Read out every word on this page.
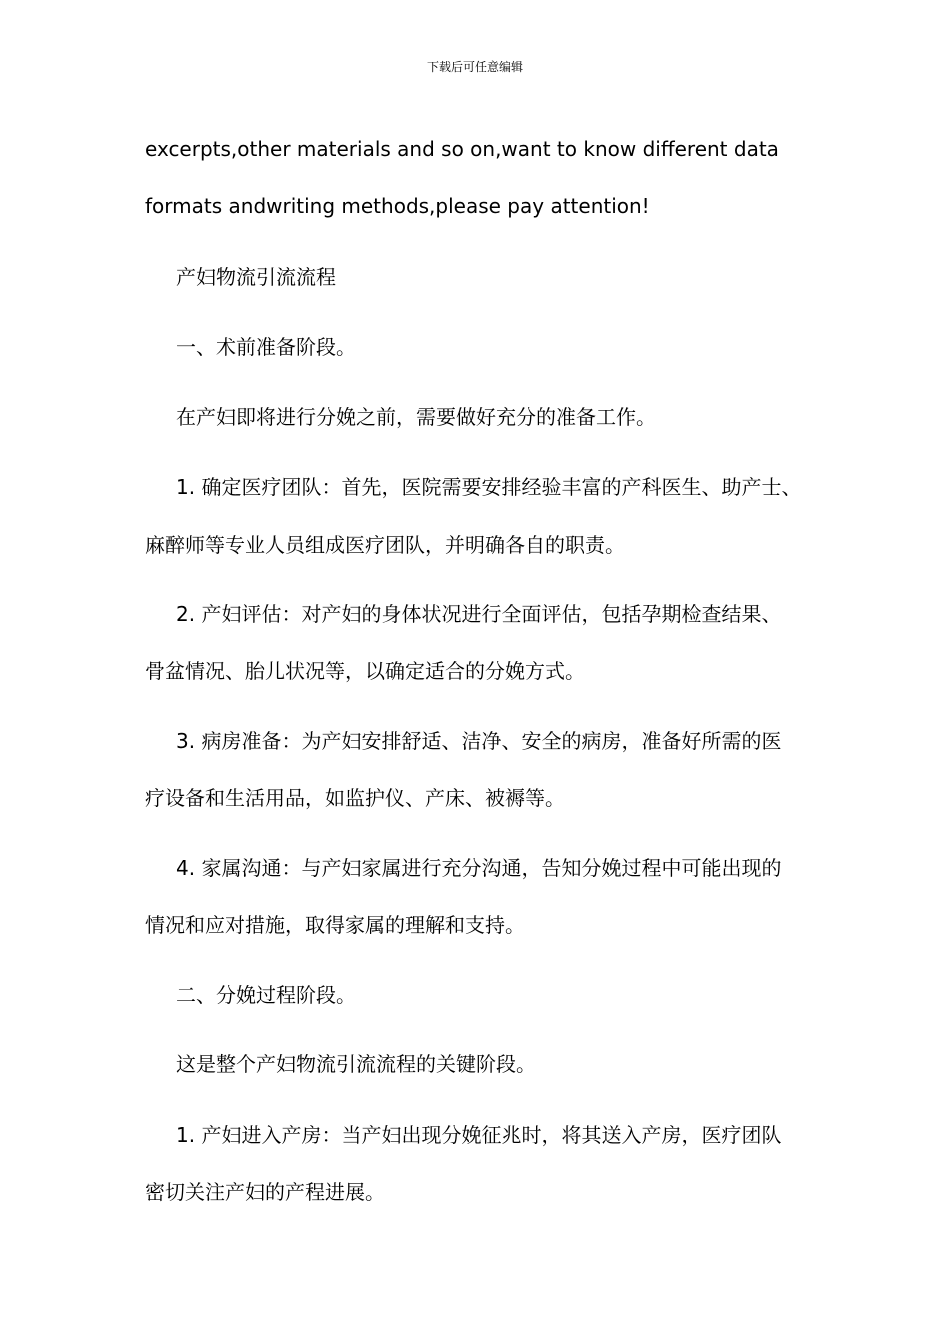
下载后可任意编辑
excerpts,other materials and so on,want to know different data
formats andwriting methods,please pay attention!
产妇物流引流流程
一、术前准备阶段。
在产妇即将进行分娩之前，需要做好充分的准备工作。
1. 确定医疗团队：首先，医院需要安排经验丰富的产科医生、助产士、
麻醉师等专业人员组成医疗团队，并明确各自的职责。
2. 产妇评估：对产妇的身体状况进行全面评估，包括孕期检查结果、
骨盆情况、胎儿状况等，以确定适合的分娩方式。
3. 病房准备：为产妇安排舒适、洁净、安全的病房，准备好所需的医
疗设备和生活用品，如监护仪、产床、被褥等。
4. 家属沟通：与产妇家属进行充分沟通，告知分娩过程中可能出现的
情况和应对措施，取得家属的理解和支持。
二、分娩过程阶段。
这是整个产妇物流引流流程的关键阶段。
1. 产妇进入产房：当产妇出现分娩征兆时，将其送入产房，医疗团队
密切关注产妇的产程进展。
